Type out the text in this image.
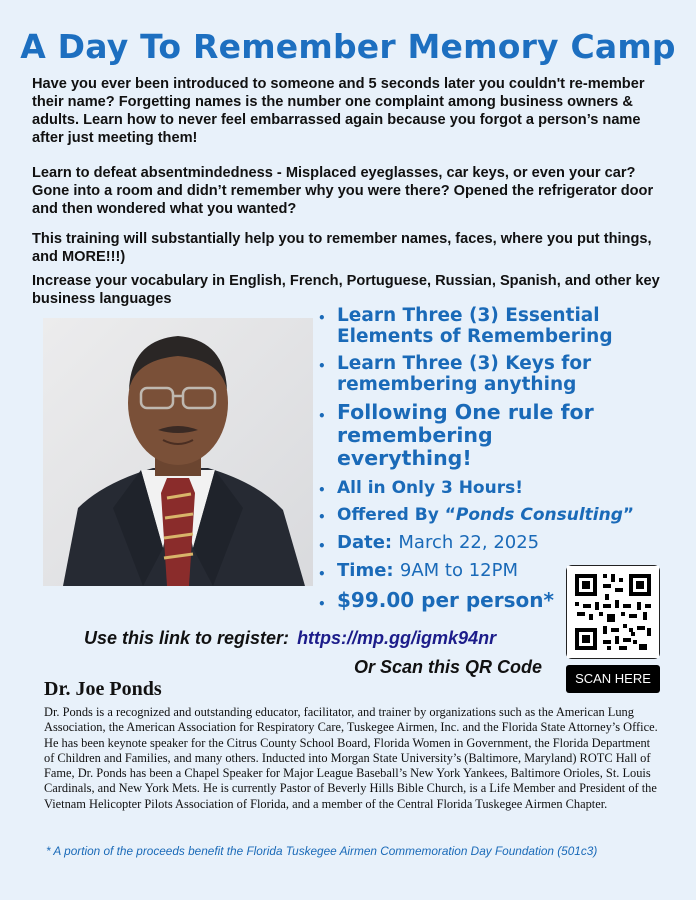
A Day To Remember Memory Camp
Have you ever been introduced to someone and 5 seconds later you couldn't re-member their name? Forgetting names is the number one complaint among business owners & adults. Learn how to never feel embarrassed again because you forgot a person’s name after just meeting them!
Learn to defeat absentmindedness - Misplaced eyeglasses, car keys, or even your car? Gone into a room and didn’t remember why you were there? Opened the refrigerator door and then wondered what you wanted?
This training will substantially help you to remember names, faces, where you put things, and MORE!!!)
Increase your vocabulary in English, French, Portuguese, Russian, Spanish, and other key business languages
• Learn Three (3) Essential Elements of Remembering
• Learn Three (3) Keys for remembering anything
• Following One rule for remembering everything!
• All in Only 3 Hours!
• Offered By “Ponds Consulting”
• Date: March 22, 2025
• Time: 9AM to 12PM
• $99.00 per person*
SCAN HERE
Use this link to register: https://mp.gg/igmk94nr
Or Scan this QR Code
Dr. Joe Ponds
Dr. Ponds is a recognized and outstanding educator, facilitator, and trainer by organizations such as the American Lung Association, the American Association for Respiratory Care, Tuskegee Airmen, Inc. and the Florida State Attorney’s Office. He has been keynote speaker for the Citrus County School Board, Florida Women in Government, the Florida Department of Children and Families, and many others. Inducted into Morgan State University’s (Baltimore, Maryland) ROTC Hall of Fame, Dr. Ponds has been a Chapel Speaker for Major League Baseball’s New York Yankees, Baltimore Orioles, St. Louis Cardinals, and New York Mets. He is currently Pastor of Beverly Hills Bible Church, is a Life Member and President of the Vietnam Helicopter Pilots Association of Florida, and a member of the Central Florida Tuskegee Airmen Chapter.
* A portion of the proceeds benefit the Florida Tuskegee Airmen Commemoration Day Foundation (501c3)
